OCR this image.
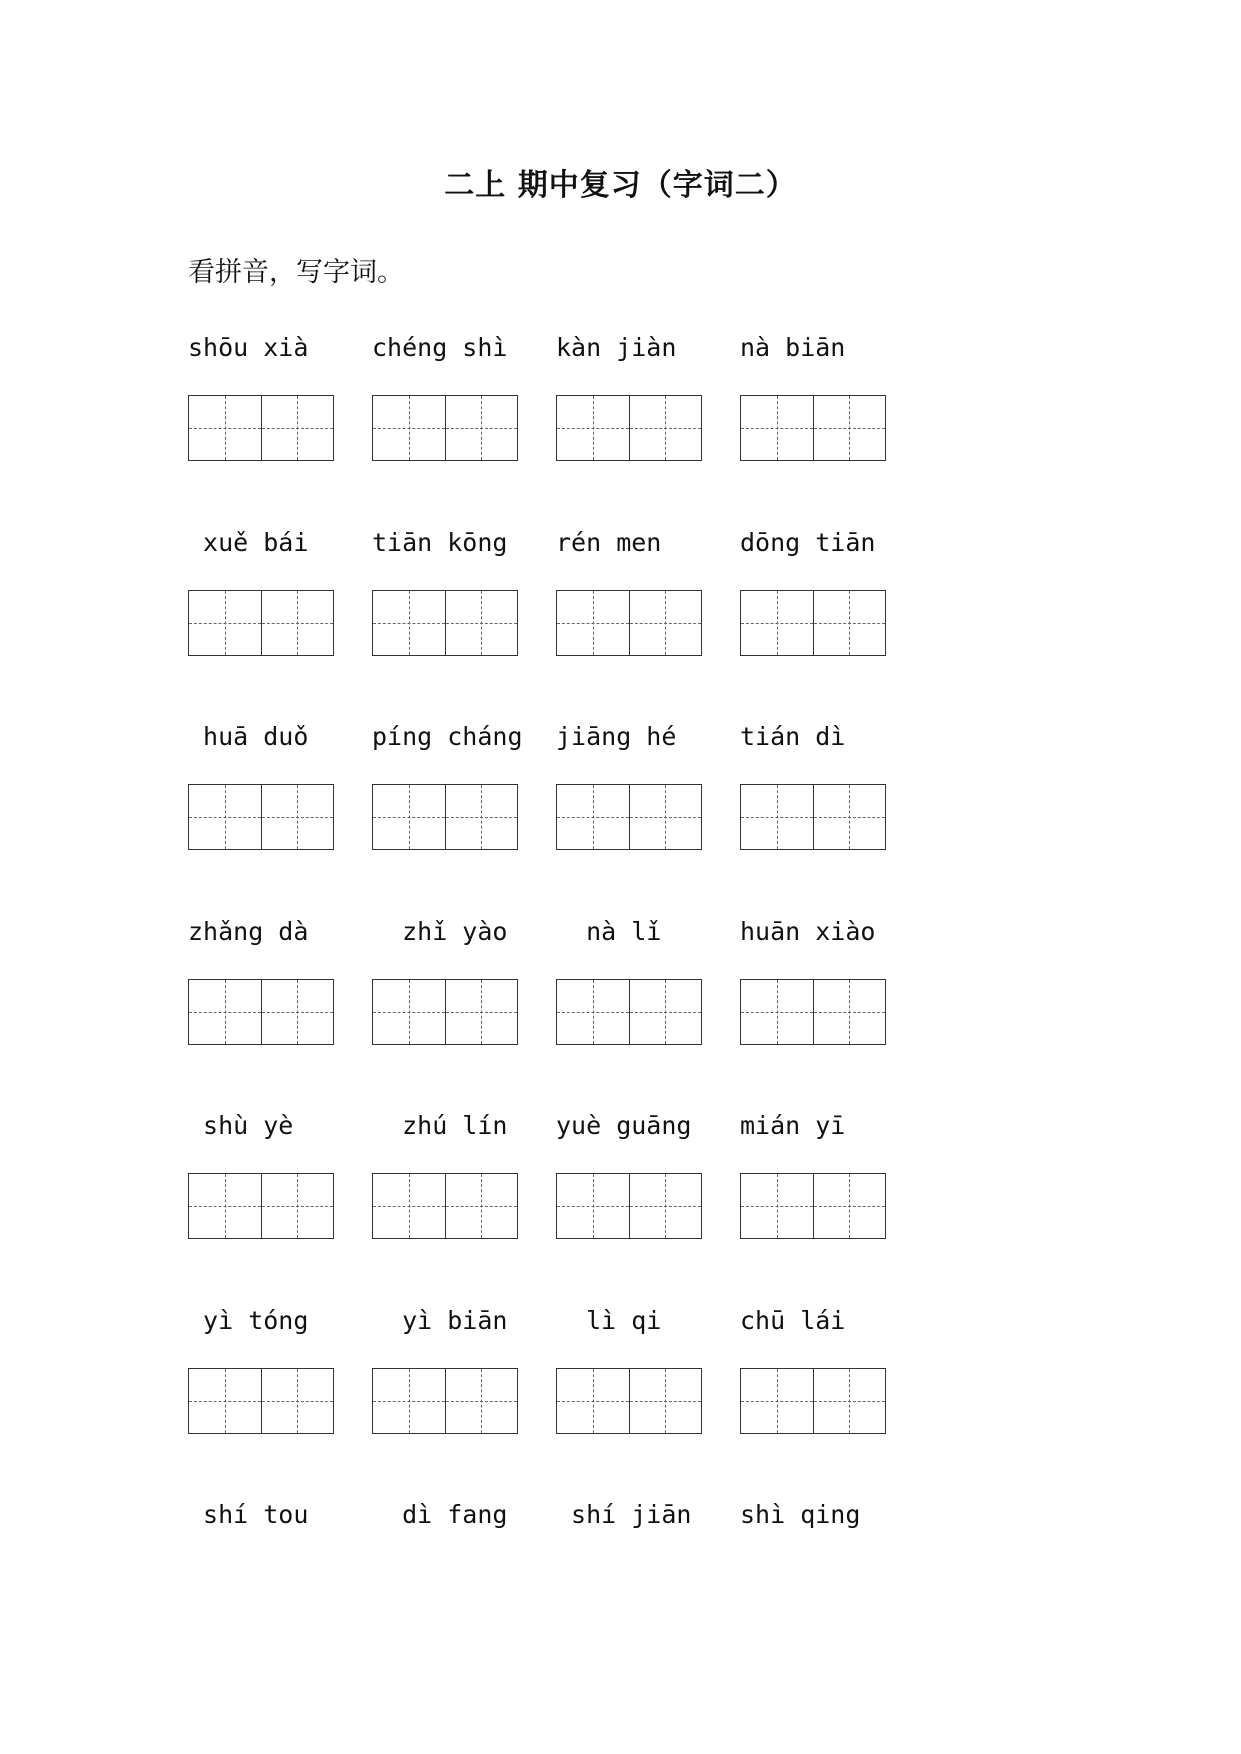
二上 期中复习（字词二）
看拼音，写字词。
shōu xià	chéng shì	kàn jiàn	nà biān
xuě bái	tiān kōng	rén men	dōng tiān
huā duǒ	píng cháng	jiāng hé	tián dì
zhǎng dà	zhǐ yào	nà lǐ	huān xiào
shù yè	zhú lín	yuè guāng	mián yī
yì tóng	yì biān	lì qi	chū lái
shí tou	dì fang	shí jiān	shì qing
